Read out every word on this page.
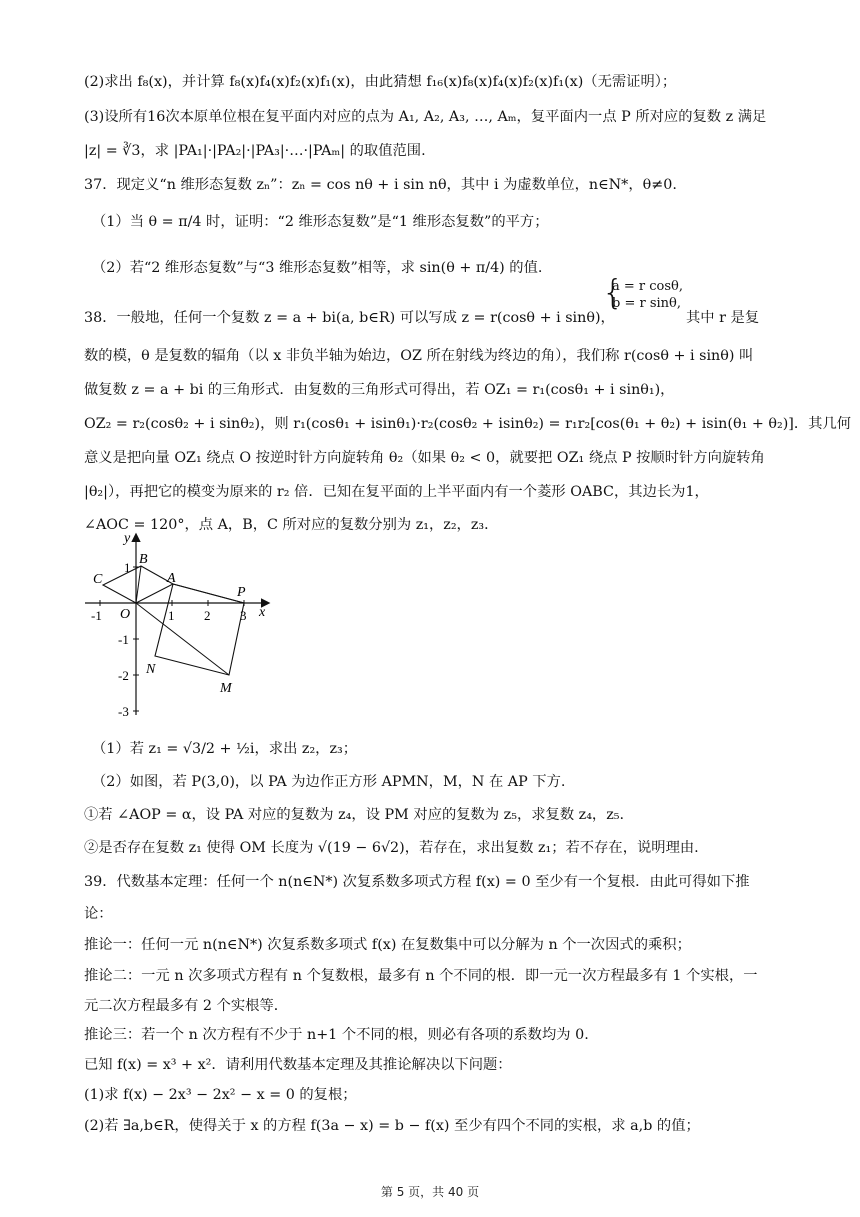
(2)求出 f₈(x)，并计算 f₈(x)f₄(x)f₂(x)f₁(x)，由此猜想 f₁₆(x)f₈(x)f₄(x)f₂(x)f₁(x)（无需证明）；
(3)设所有16次本原单位根在复平面内对应的点为 A₁, A₂, A₃, …, Aₘ，复平面内一点 P 所对应的复数 z 满足
|z| = ∛3，求 |PA₁|·|PA₂|·|PA₃|·…·|PAₘ| 的取值范围.
37．现定义“n 维形态复数 zₙ”：zₙ = cos nθ + i sin nθ，其中 i 为虚数单位，n∈N*，θ≠0.
（1）当 θ = π/4 时，证明：“2 维形态复数”是“1 维形态复数”的平方；
（2）若“2 维形态复数”与“3 维形态复数”相等，求 sin(θ + π/4) 的值.
38．一般地，任何一个复数 z = a + bi(a, b∈R) 可以写成 z = r(cosθ + i sinθ)，	其中 r 是复
数的模，θ 是复数的辐角（以 x 非负半轴为始边，OZ 所在射线为终边的角），我们称 r(cosθ + i sinθ) 叫
做复数 z = a + bi 的三角形式．由复数的三角形式可得出，若 OZ₁ = r₁(cosθ₁ + i sinθ₁)，
OZ₂ = r₂(cosθ₂ + i sinθ₂)，则 r₁(cosθ₁ + isinθ₁)·r₂(cosθ₂ + isinθ₂) = r₁r₂[cos(θ₁ + θ₂) + isin(θ₁ + θ₂)]．其几何
意义是把向量 OZ₁ 绕点 O 按逆时针方向旋转角 θ₂（如果 θ₂ < 0，就要把 OZ₁ 绕点 P 按顺时针方向旋转角
|θ₂|），再把它的模变为原来的 r₂ 倍．已知在复平面的上半平面内有一个菱形 OABC，其边长为1，
∠AOC = 120°，点 A，B，C 所对应的复数分别为 z₁，z₂，z₃．
（1）若 z₁ = √3/2 + ½i，求出 z₂，z₃；
（2）如图，若 P(3,0)，以 PA 为边作正方形 APMN，M，N 在 AP 下方.
①若 ∠AOP = α，设 PA 对应的复数为 z₄，设 PM 对应的复数为 z₅，求复数 z₄，z₅.
②是否存在复数 z₁ 使得 OM 长度为 √(19 − 6√2)，若存在，求出复数 z₁；若不存在，说明理由.
39．代数基本定理：任何一个 n(n∈N*) 次复系数多项式方程 f(x) = 0 至少有一个复根．由此可得如下推
论：
推论一：任何一元 n(n∈N*) 次复系数多项式 f(x) 在复数集中可以分解为 n 个一次因式的乘积；
推论二：一元 n 次多项式方程有 n 个复数根，最多有 n 个不同的根．即一元一次方程最多有 1 个实根，一
元二次方程最多有 2 个实根等．
推论三：若一个 n 次方程有不少于 n+1 个不同的根，则必有各项的系数均为 0.
已知 f(x) = x³ + x²．请利用代数基本定理及其推论解决以下问题：
(1)求 f(x) − 2x³ − 2x² − x = 0 的复根；
(2)若 ∃a,b∈R，使得关于 x 的方程 f(3a − x) = b − f(x) 至少有四个不同的实根，求 a,b 的值；
{
a = r cosθ,
b = r sinθ,
y
x
O
A
B
C
P
M
N
-1	1 2 3
1
-1
-2
-3
第 5 页，共 40 页
